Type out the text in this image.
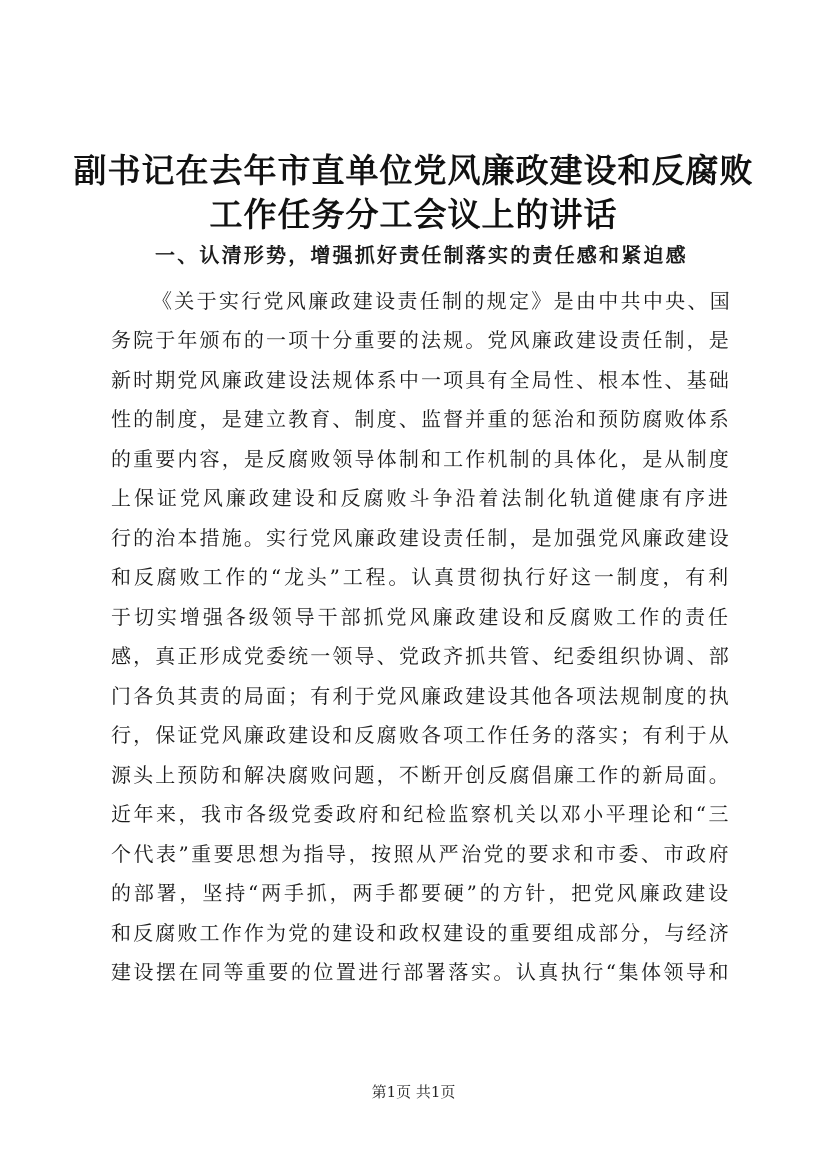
副书记在去年市直单位党风廉政建设和反腐败
工作任务分工会议上的讲话
一、认清形势，增强抓好责任制落实的责任感和紧迫感

《关于实行党风廉政建设责任制的规定》是由中共中央、国

务院于年颁布的一项十分重要的法规。党风廉政建设责任制，是

新时期党风廉政建设法规体系中一项具有全局性、根本性、基础

性的制度，是建立教育、制度、监督并重的惩治和预防腐败体系

的重要内容，是反腐败领导体制和工作机制的具体化，是从制度

上保证党风廉政建设和反腐败斗争沿着法制化轨道健康有序进

行的治本措施。实行党风廉政建设责任制，是加强党风廉政建设

和反腐败工作的“龙头”工程。认真贯彻执行好这一制度，有利

于切实增强各级领导干部抓党风廉政建设和反腐败工作的责任

感，真正形成党委统一领导、党政齐抓共管、纪委组织协调、部

门各负其责的局面；有利于党风廉政建设其他各项法规制度的执

行，保证党风廉政建设和反腐败各项工作任务的落实；有利于从

源头上预防和解决腐败问题，不断开创反腐倡廉工作的新局面。

近年来，我市各级党委政府和纪检监察机关以邓小平理论和“三

个代表”重要思想为指导，按照从严治党的要求和市委、市政府

的部署，坚持“两手抓，两手都要硬”的方针，把党风廉政建设

和反腐败工作作为党的建设和政权建设的重要组成部分，与经济

建设摆在同等重要的位置进行部署落实。认真执行“集体领导和

第1页 共1页
